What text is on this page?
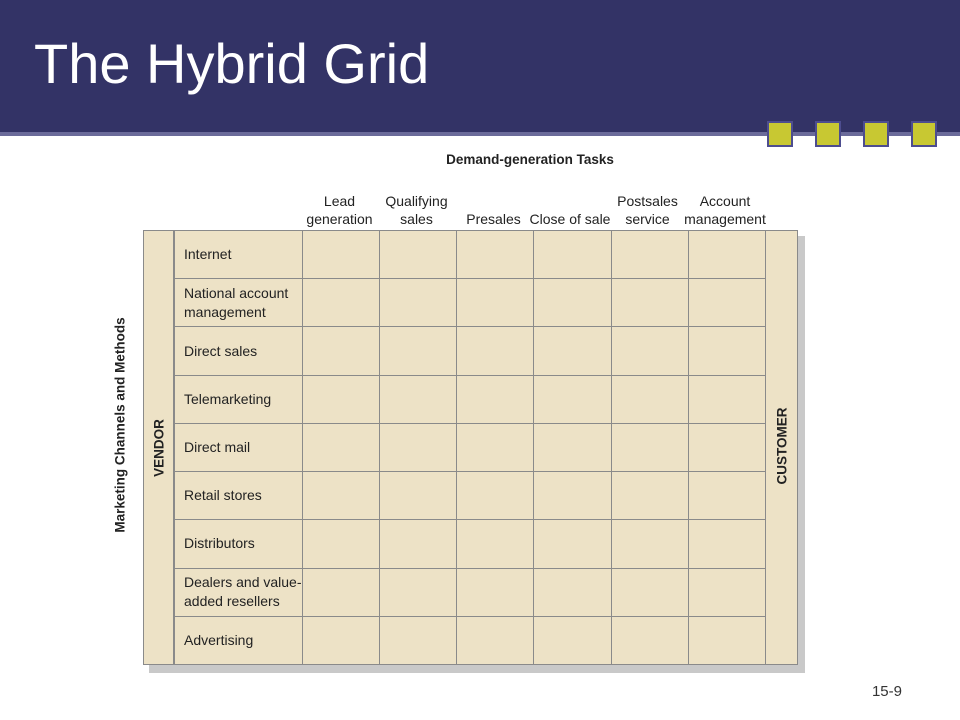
The Hybrid Grid
Demand-generation Tasks
Lead generation
Qualifying sales	Presales Close of sale
Postsales service
Account management
Marketing Channels and Methods VENDOR	CUSTOMER
Internet
National account management
Direct sales
Telemarketing
Direct mail
Retail stores
Distributors
Dealers and value-added resellers
Advertising
15-9
